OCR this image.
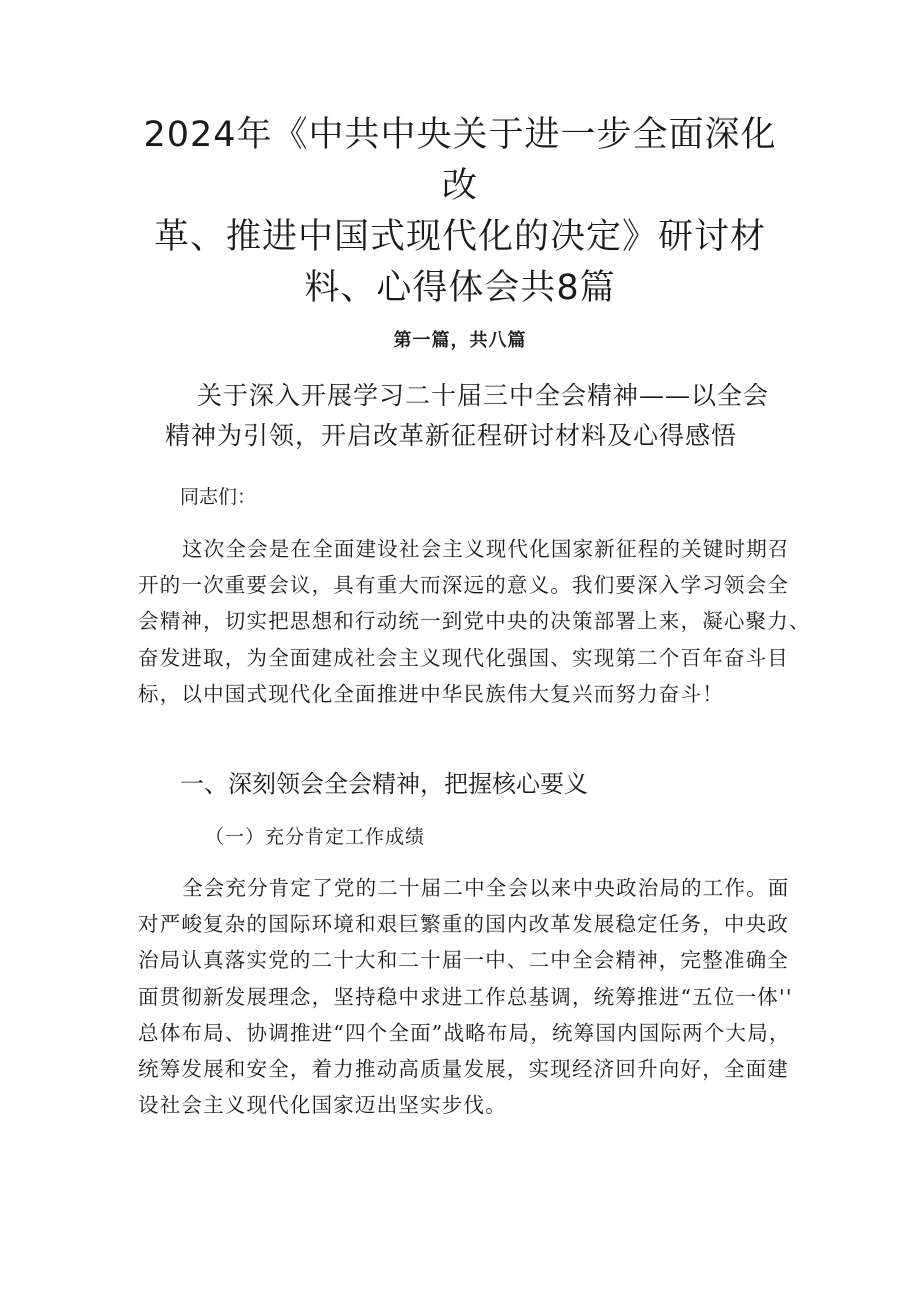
2024年《中共中央关于进一步全面深化改
革、推进中国式现代化的决定》研讨材
料、心得体会共8篇

第一篇，共八篇

关于深入开展学习二十届三中全会精神——以全会
精神为引领，开启改革新征程研讨材料及心得感悟

同志们：

这次全会是在全面建设社会主义现代化国家新征程的关键时期召
开的一次重要会议，具有重大而深远的意义。我们要深入学习领会全
会精神，切实把思想和行动统一到党中央的决策部署上来，凝心聚力、
奋发进取，为全面建成社会主义现代化强国、实现第二个百年奋斗目
标，以中国式现代化全面推进中华民族伟大复兴而努力奋斗！

一、深刻领会全会精神，把握核心要义
（一）充分肯定工作成绩

全会充分肯定了党的二十届二中全会以来中央政治局的工作。面
对严峻复杂的国际环境和艰巨繁重的国内改革发展稳定任务，中央政
治局认真落实党的二十大和二十届一中、二中全会精神，完整准确全
面贯彻新发展理念，坚持稳中求进工作总基调，统筹推进“五位一体''
总体布局、协调推进“四个全面”战略布局，统筹国内国际两个大局，
统筹发展和安全，着力推动高质量发展，实现经济回升向好，全面建
设社会主义现代化国家迈出坚实步伐。
